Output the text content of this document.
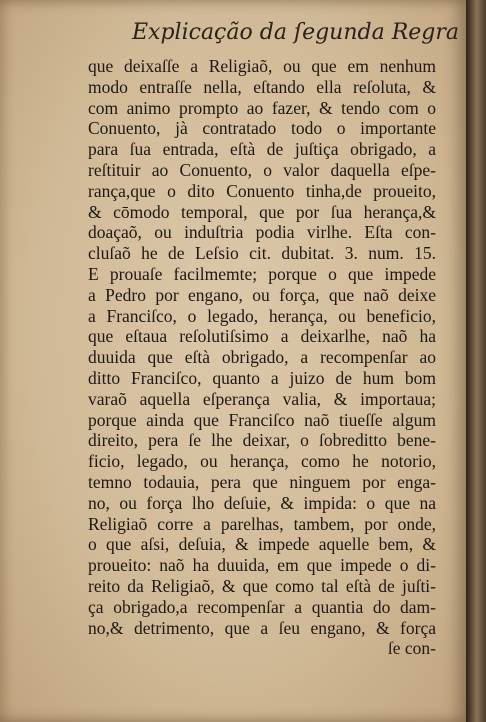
Explicação da ſegunda Regra
que deixaſſe a Religiaõ, ou que em nenhum
modo entraſſe nella, eſtando ella reſoluta, &
com animo prompto ao fazer, & tendo com o
Conuento, jà contratado todo o importante
para ſua entrada, eſtà de juſtiça obrigado, a
reſtituir ao Conuento, o valor daquella eſpe-
rança,que o dito Conuento tinha,de proueito,
& cōmodo temporal, que por ſua herança,&
doaçaõ, ou induſtria podia virlhe. Eſta con-
cluſaõ he de Leſsio cit. dubitat. 3. num. 15.
E prouaſe facilmemte; porque o que impede
a Pedro por engano, ou força, que naõ deixe
a Franciſco, o legado, herança, ou beneficio,
que eſtaua reſolutiſsimo a deixarlhe, naõ ha
duuida que eſtà obrigado, a recompenſar ao
ditto Franciſco, quanto a juizo de hum bom
varaõ aquella eſperança valia, & importaua;
porque ainda que Franciſco naõ tiueſſe algum
direito, pera ſe lhe deixar, o ſobreditto bene-
ficio, legado, ou herança, como he notorio,
temno todauia, pera que ninguem por enga-
no, ou força lho deſuie, & impida: o que na
Religiaõ corre a parelhas, tambem, por onde,
o que aſsi, deſuia, & impede aquelle bem, &
proueito: naõ ha duuida, em que impede o di-
reito da Religiaõ, & que como tal eſtà de juſti-
ça obrigado,a recompenſar a quantia do dam-
no,& detrimento, que a ſeu engano, & força
ſe con-
